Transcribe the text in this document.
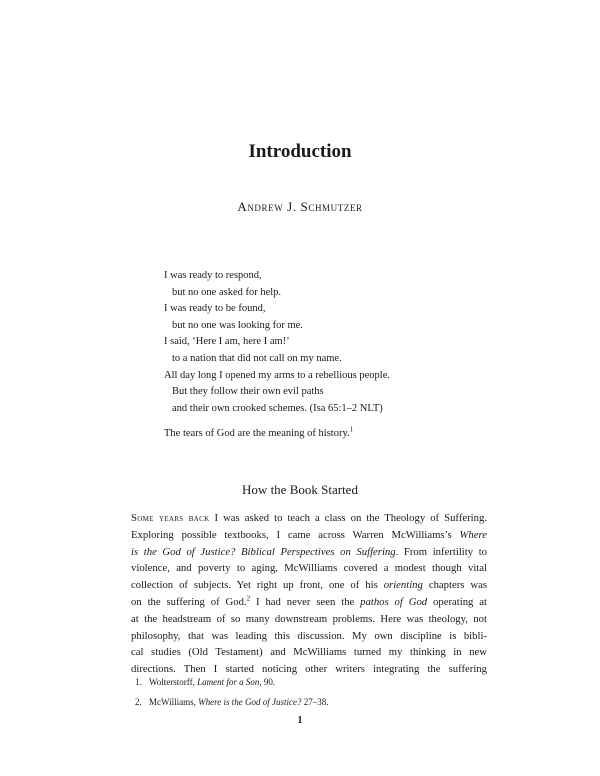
Introduction
Andrew J. Schmutzer
I was ready to respond,
but no one asked for help.
I was ready to be found,
but no one was looking for me.
I said, ‘Here I am, here I am!’
to a nation that did not call on my name.
All day long I opened my arms to a rebellious people.
But they follow their own evil paths
and their own crooked schemes. (Isa 65:1–2 NLT)
The tears of God are the meaning of history.$^1$
How the Book Started
Some years back I was asked to teach a class on the Theology of Suffering.
Exploring possible textbooks, I came across Warren McWilliams’s Where
is the God of Justice? Biblical Perspectives on Suffering. From infertility to
violence, and poverty to aging, McWilliams covered a modest though vital
collection of subjects. Yet right up front, one of his orienting chapters was
on the suffering of God.$^2$ I had never seen the pathos of God operating at
at the headstream of so many downstream problems. Here was theology, not
philosophy, that was leading this discussion. My own discipline is bibli-
cal studies (Old Testament) and McWilliams turned my thinking in new
directions. Then I started noticing other writers integrating the suffering
1. Wolterstorff, Lament for a Son, 90.
2. McWilliams, Where is the God of Justice? 27–38.
1
